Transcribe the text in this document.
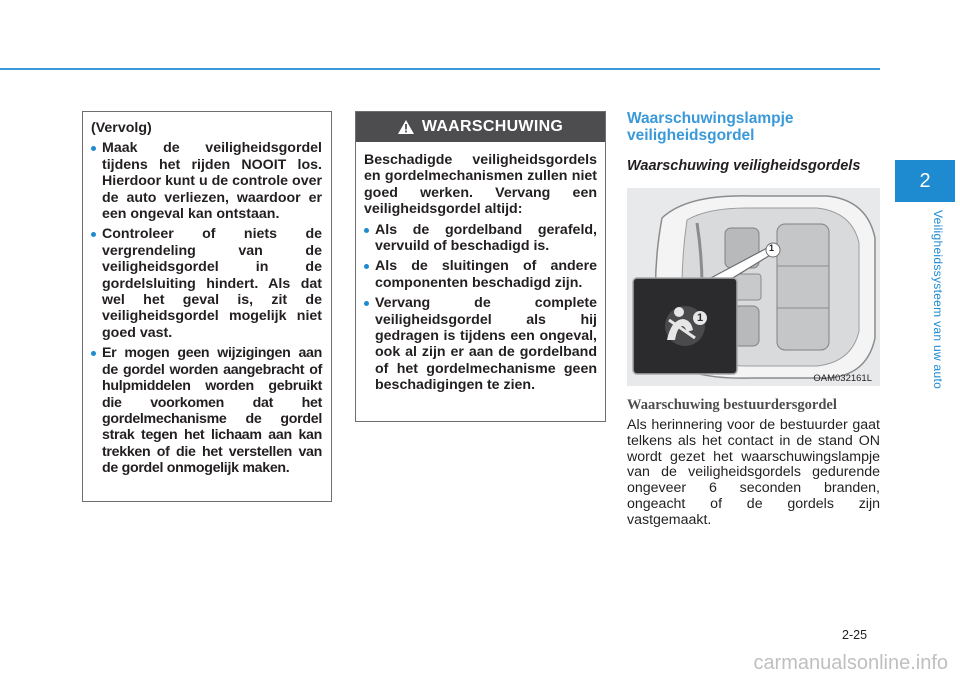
2
Veiligheidssysteem van uw auto
(Vervolg)
Maak de veiligheidsgordel tijdens het rijden NOOIT los. Hierdoor kunt u de controle over de auto verliezen, waardoor er een ongeval kan ontstaan.
Controleer of niets de vergrendeling van de veiligheidsgordel in de gordelsluiting hindert. Als dat wel het geval is, zit de veiligheidsgordel mogelijk niet goed vast.
Er mogen geen wijzigingen aan de gordel worden aangebracht of hulpmiddelen worden gebruikt die voorkomen dat het gordelmechanisme de gordel strak tegen het lichaam aan kan trekken of die het verstellen van de gordel onmogelijk maken.
WAARSCHUWING

Beschadigde veiligheidsgordels en gordelmechanismen zullen niet goed werken. Vervang een veiligheidsgordel altijd:

Als de gordelband gerafeld, vervuild of beschadigd is.
Als de sluitingen of andere componenten beschadigd zijn.
Vervang de complete veiligheidsgordel als hij gedragen is tijdens een ongeval, ook al zijn er aan de gordelband of het gordelmechanisme geen beschadigingen te zien.
Waarschuwingslampje veiligheidsgordel
Waarschuwing veiligheidsgordels
1
1
OAM032161L
Waarschuwing bestuurdersgordel

Als herinnering voor de bestuurder gaat telkens als het contact in de stand ON wordt gezet het waarschuwingslampje van de veiligheidsgordels gedurende ongeveer 6 seconden branden, ongeacht of de gordels zijn vastgemaakt.

2-25
carmanualsonline.info
